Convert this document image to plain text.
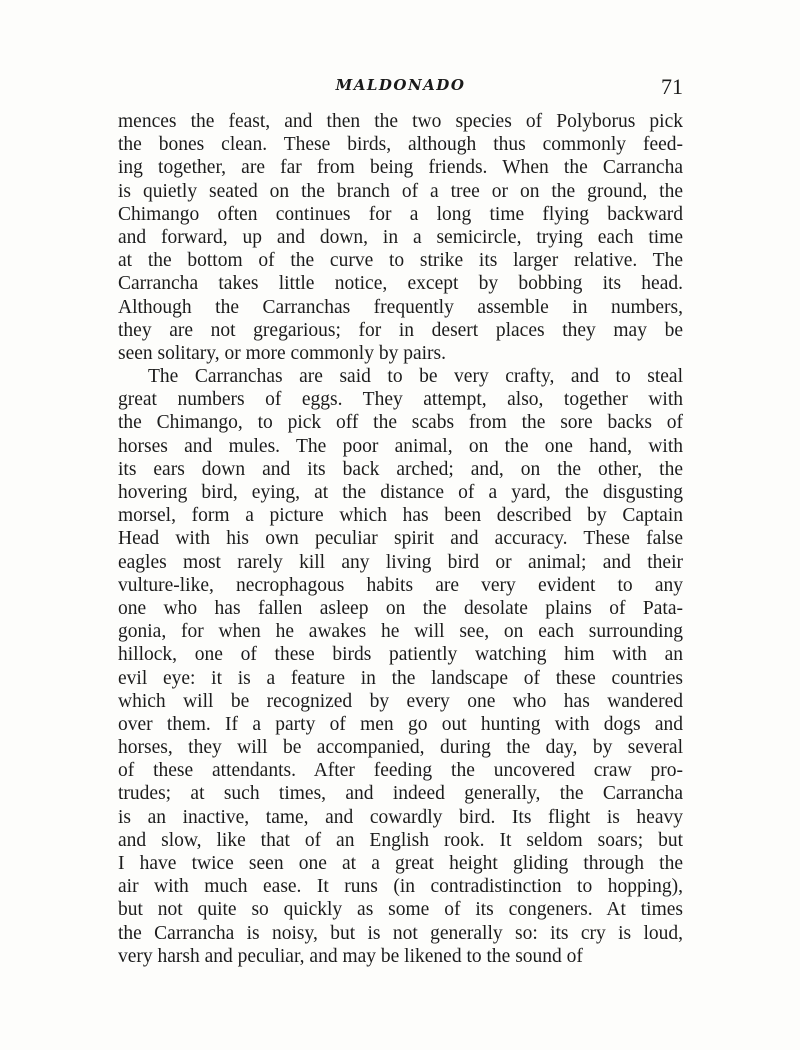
MALDONADO	71
mences the feast, and then the two species of Polyborus pick
the bones clean. These birds, although thus commonly feed-
ing together, are far from being friends. When the Carrancha
is quietly seated on the branch of a tree or on the ground, the
Chimango often continues for a long time flying backward
and forward, up and down, in a semicircle, trying each time
at the bottom of the curve to strike its larger relative. The
Carrancha takes little notice, except by bobbing its head.
Although the Carranchas frequently assemble in numbers,
they are not gregarious; for in desert places they may be
seen solitary, or more commonly by pairs.
The Carranchas are said to be very crafty, and to steal
great numbers of eggs. They attempt, also, together with
the Chimango, to pick off the scabs from the sore backs of
horses and mules. The poor animal, on the one hand, with
its ears down and its back arched; and, on the other, the
hovering bird, eying, at the distance of a yard, the disgusting
morsel, form a picture which has been described by Captain
Head with his own peculiar spirit and accuracy. These false
eagles most rarely kill any living bird or animal; and their
vulture-like, necrophagous habits are very evident to any
one who has fallen asleep on the desolate plains of Pata-
gonia, for when he awakes he will see, on each surrounding
hillock, one of these birds patiently watching him with an
evil eye: it is a feature in the landscape of these countries
which will be recognized by every one who has wandered
over them. If a party of men go out hunting with dogs and
horses, they will be accompanied, during the day, by several
of these attendants. After feeding the uncovered craw pro-
trudes; at such times, and indeed generally, the Carrancha
is an inactive, tame, and cowardly bird. Its flight is heavy
and slow, like that of an English rook. It seldom soars; but
I have twice seen one at a great height gliding through the
air with much ease. It runs (in contradistinction to hopping),
but not quite so quickly as some of its congeners. At times
the Carrancha is noisy, but is not generally so: its cry is loud,
very harsh and peculiar, and may be likened to the sound of
